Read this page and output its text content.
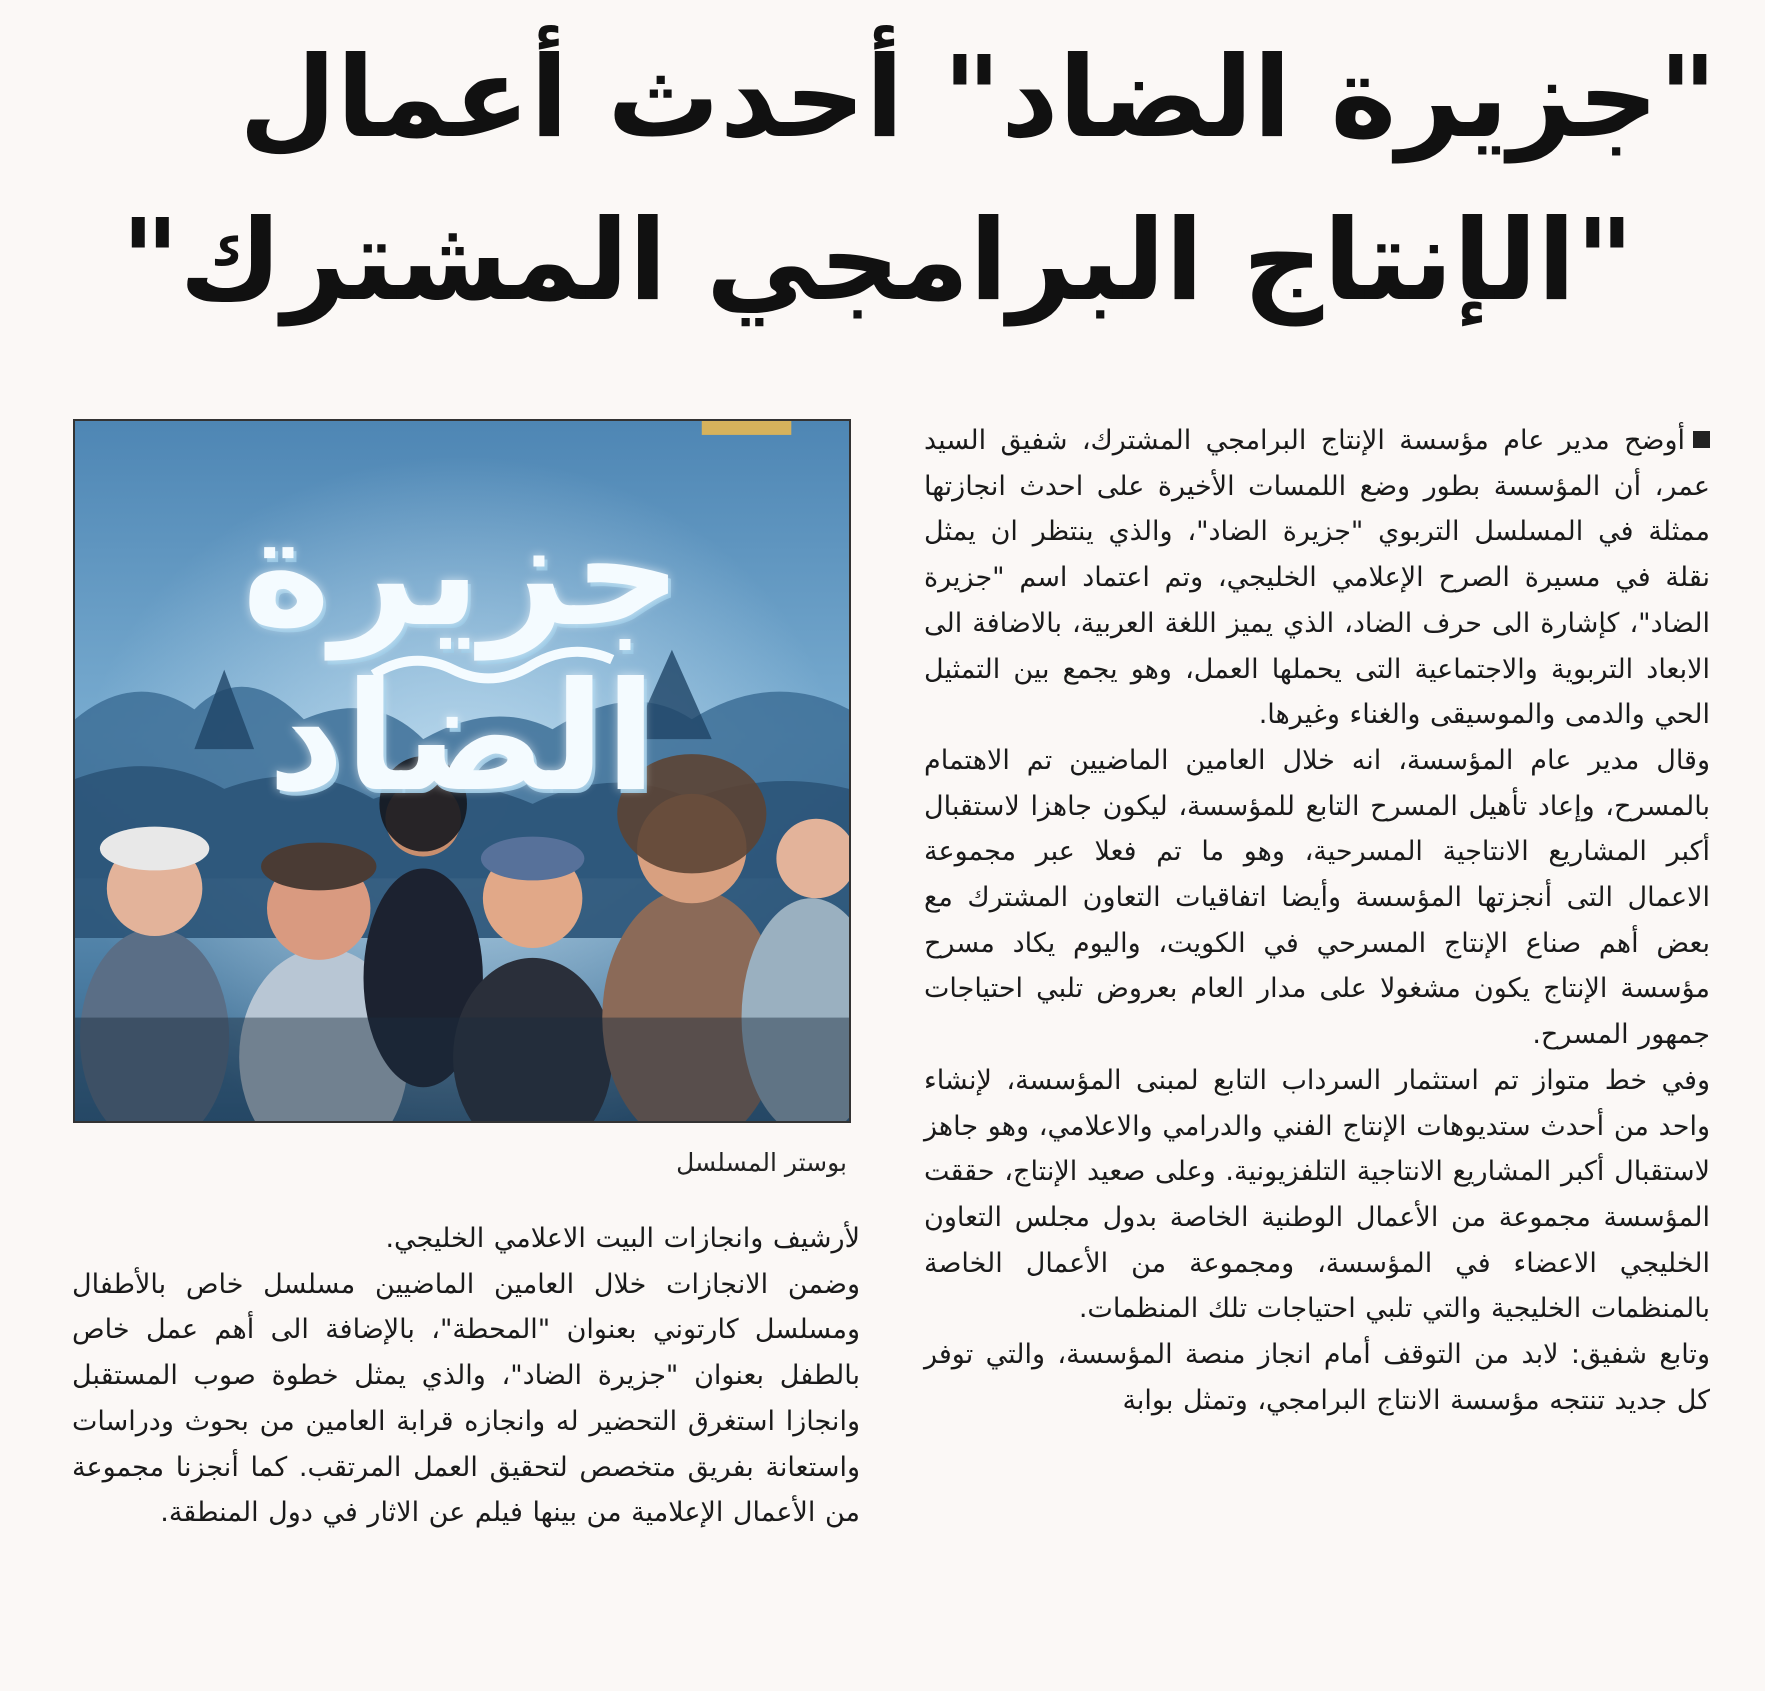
"جزيرة الضاد" أحدث أعمال
"الإنتاج البرامجي المشترك"

أوضح مدير عام مؤسسة الإنتاج البرامجي المشترك، شفيق السيد عمر، أن المؤسسة بطور وضع اللمسات الأخيرة على احدث انجازتها ممثلة في المسلسل التربوي "جزيرة الضاد"، والذي ينتظر ان يمثل نقلة في مسيرة الصرح الإعلامي الخليجي، وتم اعتماد اسم "جزيرة الضاد"، كإشارة الى حرف الضاد، الذي يميز اللغة العربية، بالاضافة الى الابعاد التربوية والاجتماعية التى يحملها العمل، وهو يجمع بين التمثيل الحي والدمى والموسيقى والغناء وغيرها.

وقال مدير عام المؤسسة، انه خلال العامين الماضيين تم الاهتمام بالمسرح، وإعاد تأهيل المسرح التابع للمؤسسة، ليكون جاهزا لاستقبال أكبر المشاريع الانتاجية المسرحية، وهو ما تم فعلا عبر مجموعة الاعمال التى أنجزتها المؤسسة وأيضا اتفاقيات التعاون المشترك مع بعض أهم صناع الإنتاج المسرحي في الكويت، واليوم يكاد مسرح مؤسسة الإنتاج يكون مشغولا على مدار العام بعروض تلبي احتياجات جمهور المسرح.

وفي خط متواز تم استثمار السرداب التابع لمبنى المؤسسة، لإنشاء واحد من أحدث ستديوهات الإنتاج الفني والدرامي والاعلامي، وهو جاهز لاستقبال أكبر المشاريع الانتاجية التلفزيونية. وعلى صعيد الإنتاج، حققت المؤسسة مجموعة من الأعمال الوطنية الخاصة بدول مجلس التعاون الخليجي الاعضاء في المؤسسة، ومجموعة من الأعمال الخاصة بالمنظمات الخليجية والتي تلبي احتياجات تلك المنظمات.

وتابع شفيق: لابد من التوقف أمام انجاز منصة المؤسسة، والتي توفر كل جديد تنتجه مؤسسة الانتاج البرامجي، وتمثل بوابة

جزيرة الضاد
بوستر المسلسل

لأرشيف وانجازات البيت الاعلامي الخليجي.

وضمن الانجازات خلال العامين الماضيين مسلسل خاص بالأطفال ومسلسل كارتوني بعنوان "المحطة"، بالإضافة الى أهم عمل خاص بالطفل بعنوان "جزيرة الضاد"، والذي يمثل خطوة صوب المستقبل وانجازا استغرق التحضير له وانجازه قرابة العامين من بحوث ودراسات واستعانة بفريق متخصص لتحقيق العمل المرتقب. كما أنجزنا مجموعة من الأعمال الإعلامية من بينها فيلم عن الاثار في دول المنطقة.
